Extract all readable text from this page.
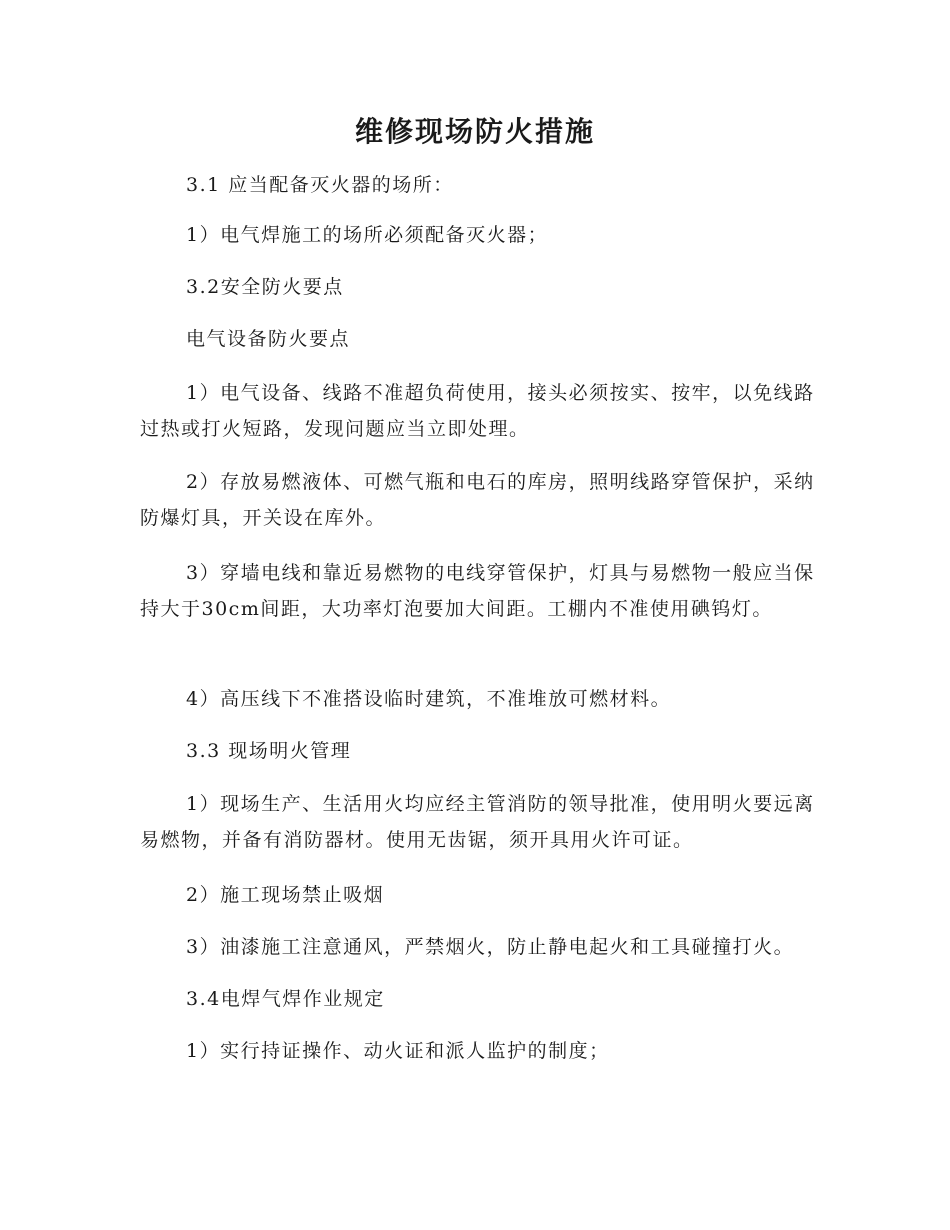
维修现场防火措施

3.1 应当配备灭火器的场所：

1）电气焊施工的场所必须配备灭火器；

3.2安全防火要点

电气设备防火要点

1）电气设备、线路不准超负荷使用，接头必须按实、按牢，以免线路过热或打火短路，发现问题应当立即处理。

2）存放易燃液体、可燃气瓶和电石的库房，照明线路穿管保护，采纳防爆灯具，开关设在库外。

3）穿墙电线和靠近易燃物的电线穿管保护，灯具与易燃物一般应当保持大于30cm间距，大功率灯泡要加大间距。工棚内不准使用碘钨灯。

4）高压线下不准搭设临时建筑，不准堆放可燃材料。

3.3 现场明火管理

1）现场生产、生活用火均应经主管消防的领导批准，使用明火要远离易燃物，并备有消防器材。使用无齿锯，须开具用火许可证。

2）施工现场禁止吸烟

3）油漆施工注意通风，严禁烟火，防止静电起火和工具碰撞打火。

3.4电焊气焊作业规定

1）实行持证操作、动火证和派人监护的制度；
